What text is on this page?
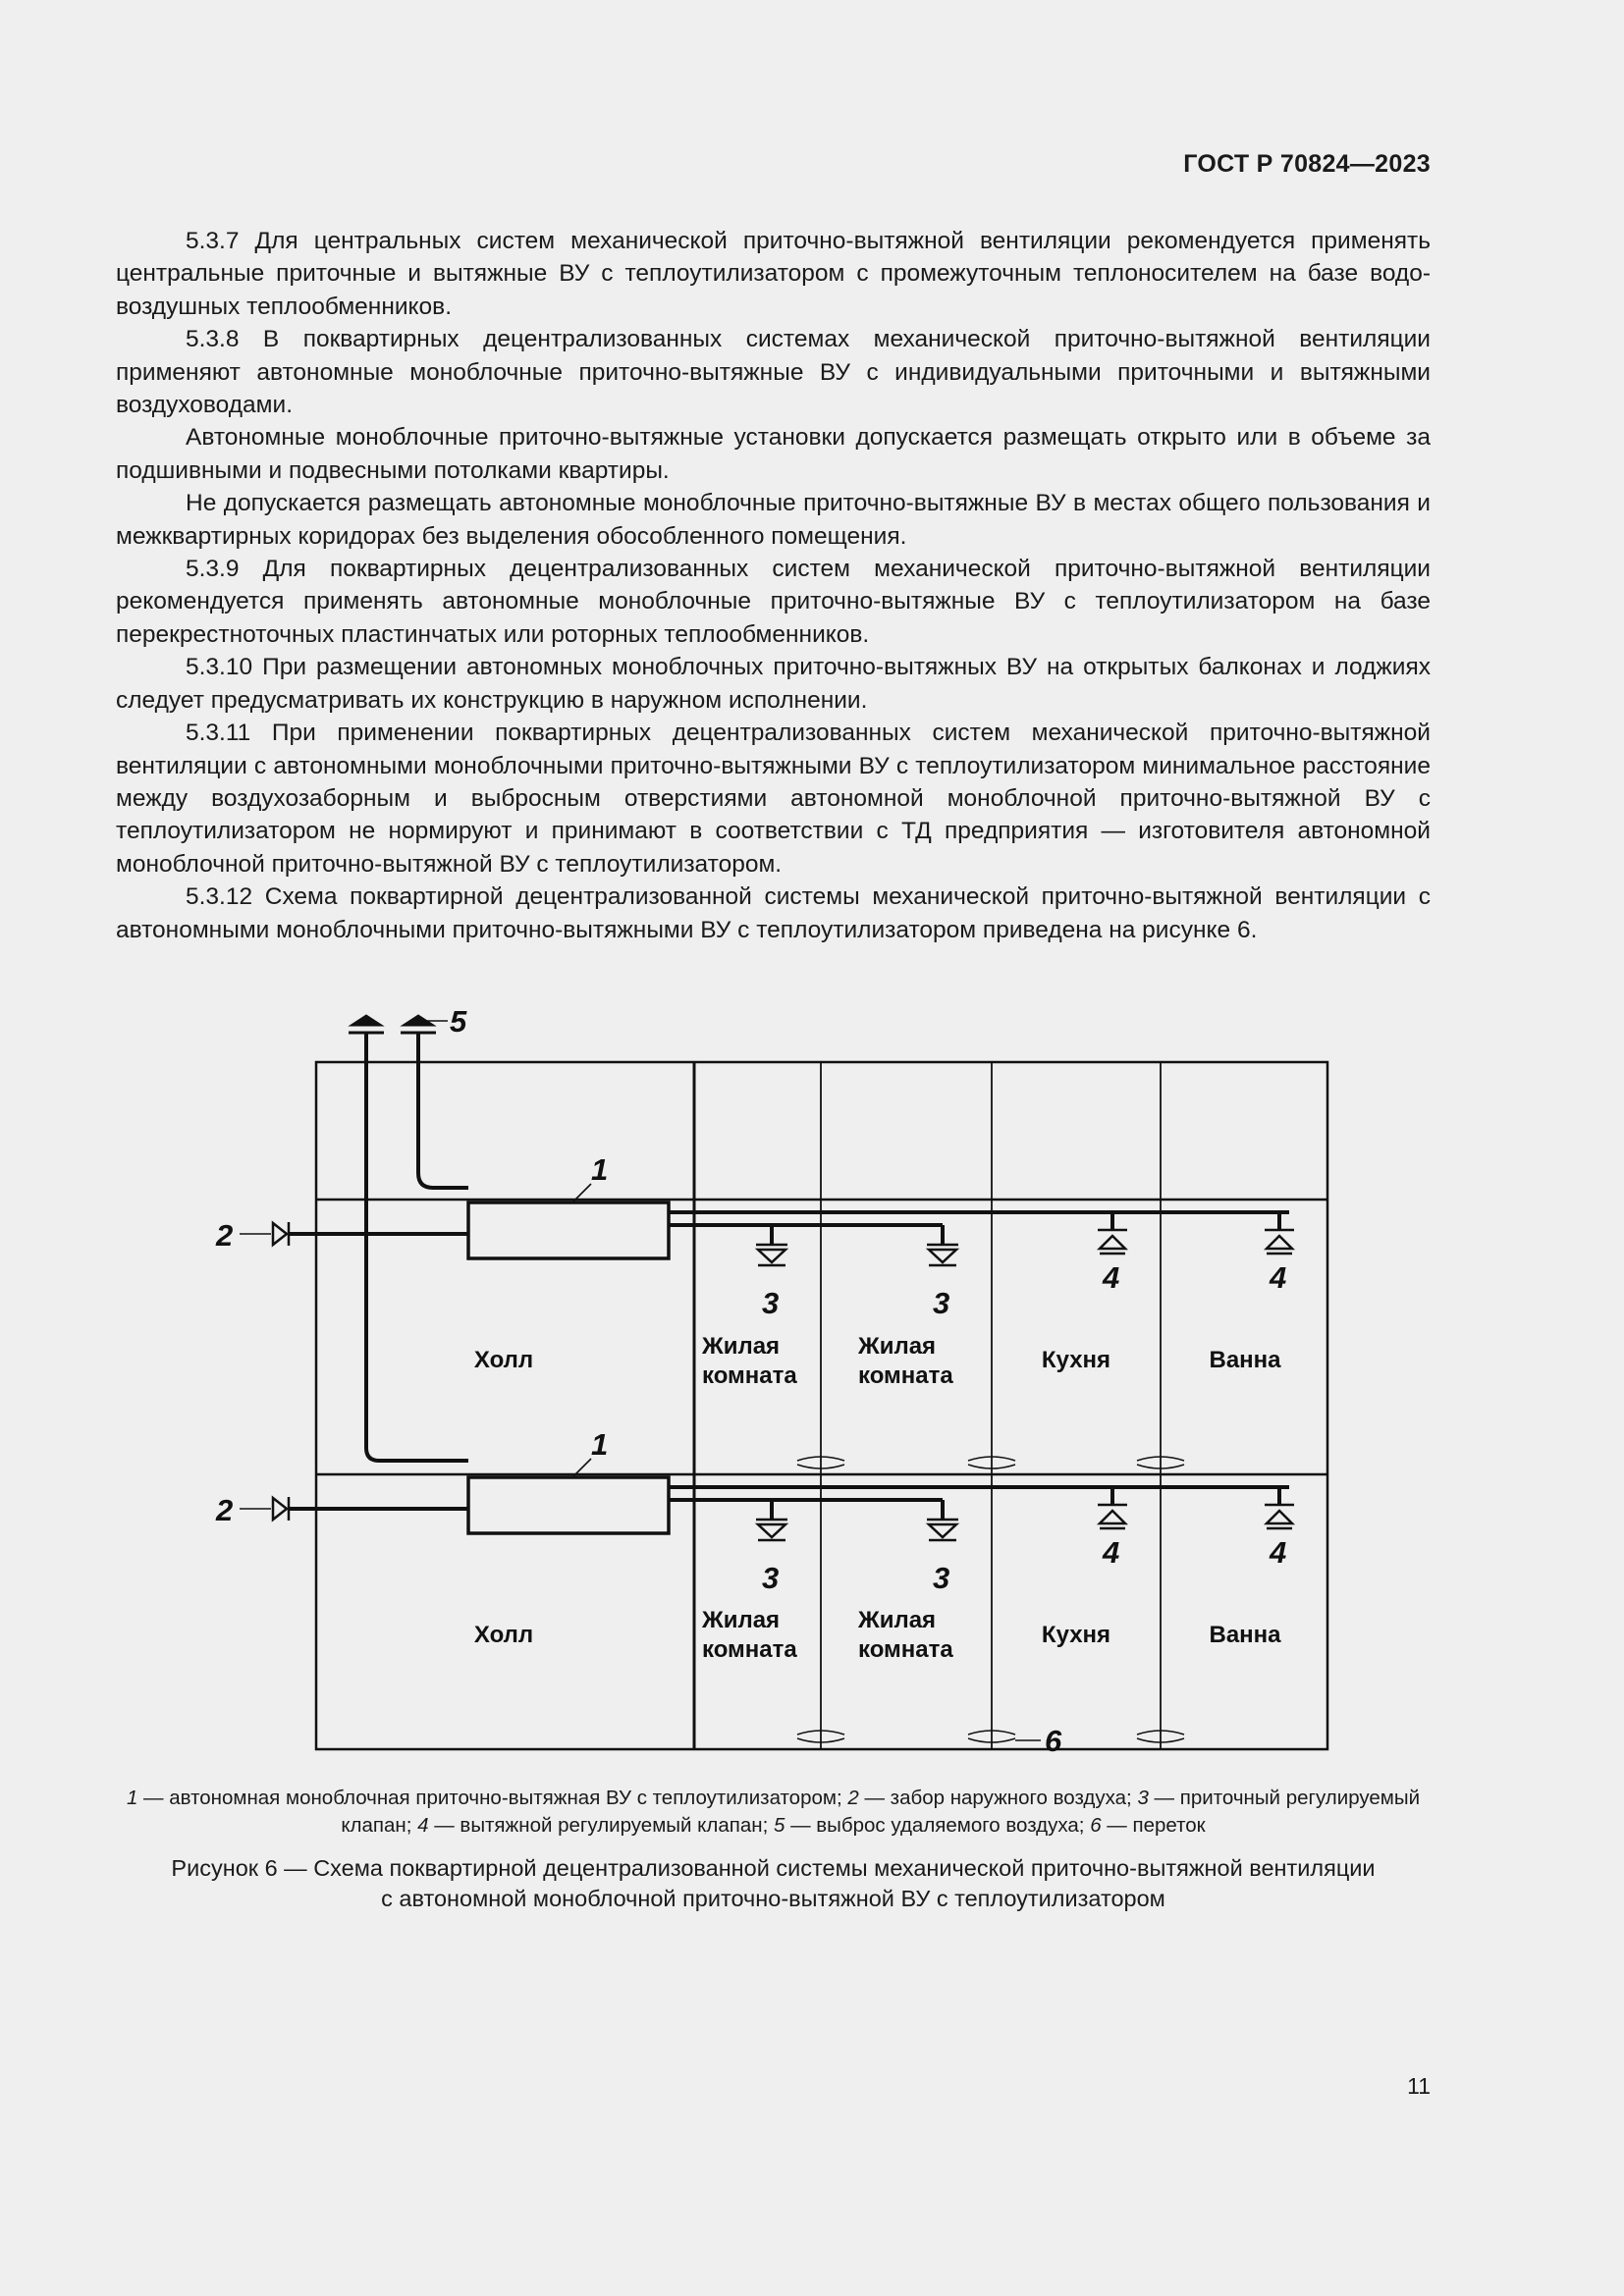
ГОСТ Р 70824—2023

5.3.7 Для центральных систем механической приточно-вытяжной вентиляции рекомендуется применять центральные приточные и вытяжные ВУ с теплоутилизатором с промежуточным теплоносителем на базе водо-воздушных теплообменников.

5.3.8 В поквартирных децентрализованных системах механической приточно-вытяжной вентиляции применяют автономные моноблочные приточно-вытяжные ВУ с индивидуальными приточными и вытяжными воздуховодами.

Автономные моноблочные приточно-вытяжные установки допускается размещать открыто или в объеме за подшивными и подвесными потолками квартиры.

Не допускается размещать автономные моноблочные приточно-вытяжные ВУ в местах общего пользования и межквартирных коридорах без выделения обособленного помещения.

5.3.9 Для поквартирных децентрализованных систем механической приточно-вытяжной вентиляции рекомендуется применять автономные моноблочные приточно-вытяжные ВУ с теплоутилизатором на базе перекрестноточных пластинчатых или роторных теплообменников.

5.3.10 При размещении автономных моноблочных приточно-вытяжных ВУ на открытых балконах и лоджиях следует предусматривать их конструкцию в наружном исполнении.

5.3.11 При применении поквартирных децентрализованных систем механической приточно-вытяжной вентиляции с автономными моноблочными приточно-вытяжными ВУ с теплоутилизатором минимальное расстояние между воздухозаборным и выбросным отверстиями автономной моноблочной приточно-вытяжной ВУ с теплоутилизатором не нормируют и принимают в соответствии с ТД предприятия — изготовителя автономной моноблочной приточно-вытяжной ВУ с теплоутилизатором.

5.3.12 Схема поквартирной децентрализованной системы механической приточно-вытяжной вентиляции с автономными моноблочными приточно-вытяжными ВУ с теплоутилизатором приведена на рисунке 6.

Холл
Жилая
комната
Жилая
комната
Кухня	Ванна
Холл
Жилая
комната
Жилая
комната
Кухня	Ванна
1
1
2
2
3	3
3	3
4	4
4	4
5
6
1 — автономная моноблочная приточно-вытяжная ВУ с теплоутилизатором; 2 — забор наружного воздуха; 3 — приточный регулируемый клапан; 4 — вытяжной регулируемый клапан; 5 — выброс удаляемого воздуха; 6 — переток
Рисунок 6 — Схема поквартирной децентрализованной системы механической приточно-вытяжной вентиляции
с автономной моноблочной приточно-вытяжной ВУ с теплоутилизатором
11
